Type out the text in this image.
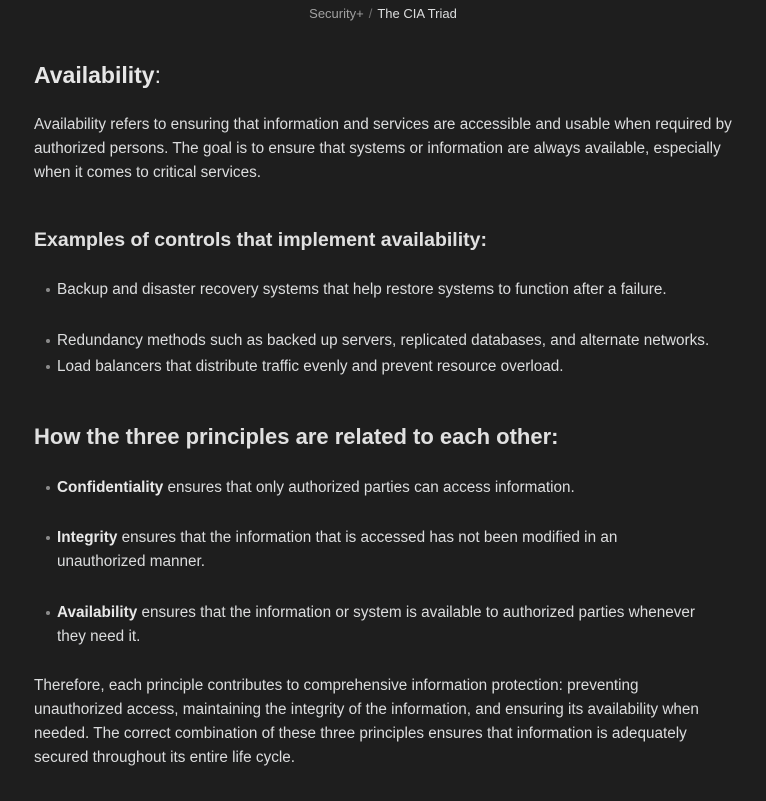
Security+ / The CIA Triad
Availability:

Availability refers to ensuring that information and services are accessible and usable when required by authorized persons. The goal is to ensure that systems or information are always available, especially when it comes to critical services.

Examples of controls that implement availability:
Backup and disaster recovery systems that help restore systems to function after a failure.
Redundancy methods such as backed up servers, replicated databases, and alternate networks.
Load balancers that distribute traffic evenly and prevent resource overload.
How the three principles are related to each other:
Confidentiality ensures that only authorized parties can access information.
Integrity ensures that the information that is accessed has not been modified in an unauthorized manner.
Availability ensures that the information or system is available to authorized parties whenever they need it.

Therefore, each principle contributes to comprehensive information protection: preventing unauthorized access, maintaining the integrity of the information, and ensuring its availability when needed. The correct combination of these three principles ensures that information is adequately secured throughout its entire life cycle.
